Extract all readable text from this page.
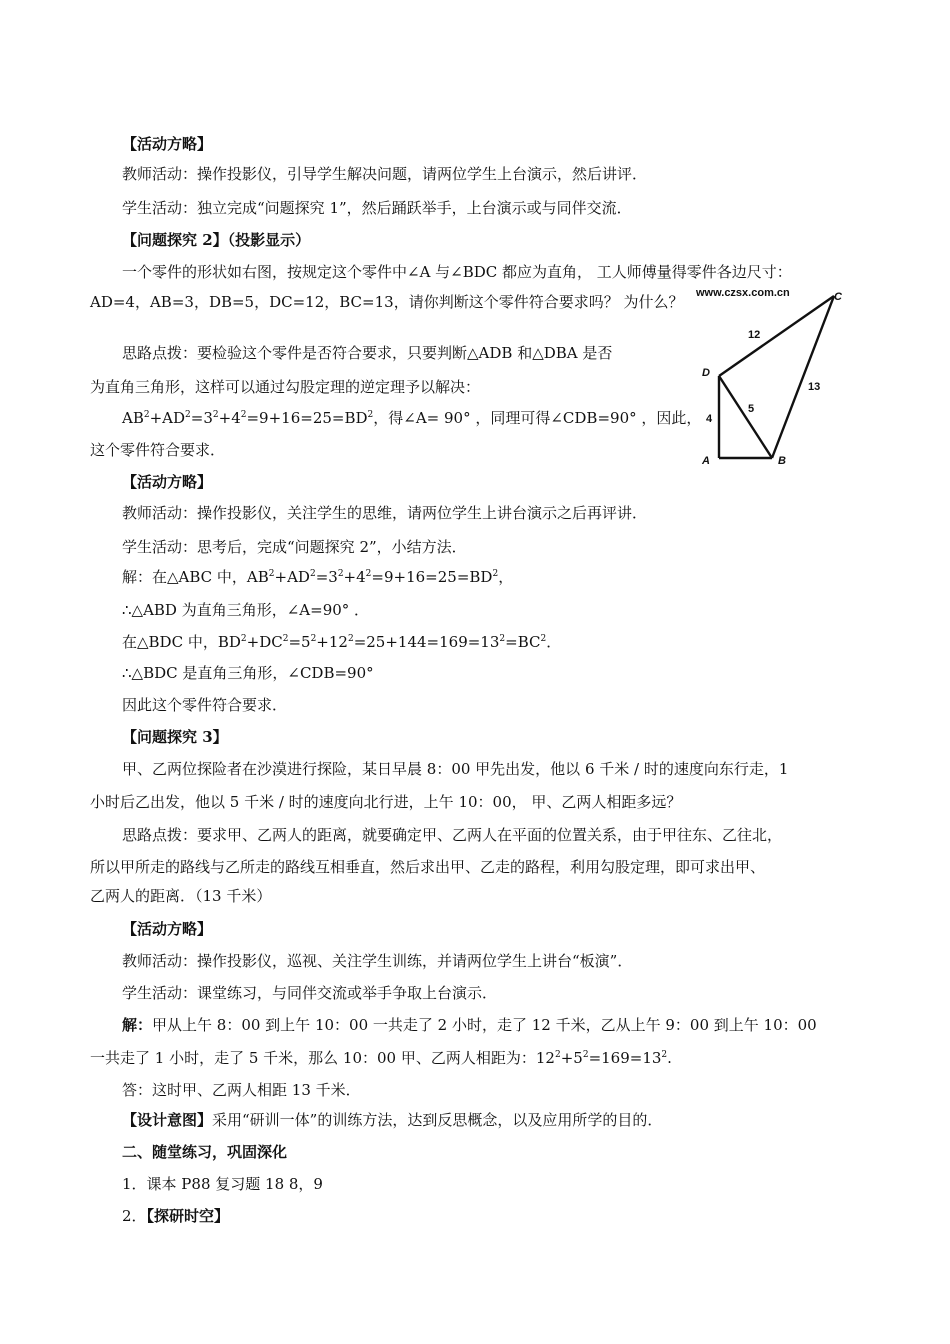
【活动方略】
教师活动：操作投影仪，引导学生解决问题，请两位学生上台演示，然后讲评．
学生活动：独立完成“问题探究 1”，然后踊跃举手，上台演示或与同伴交流．
【问题探究 2】（投影显示）
一个零件的形状如右图，按规定这个零件中∠A 与∠BDC 都应为直角， 工人师傅量得零件各边尺寸：
AD=4，AB=3，DB=5，DC=12，BC=13，请你判断这个零件符合要求吗？ 为什么？
思路点拨：要检验这个零件是否符合要求，只要判断△ADB 和△DBA 是否
为直角三角形，这样可以通过勾股定理的逆定理予以解决：
$AB^2+AD^2=3^2+4^2=9+16=25=BD^2$，得∠A= 90° ，同理可得∠CDB=90° ，因此，
这个零件符合要求．
www.czsx.com.cn	C
D
A	B
12
13
5
4
【活动方略】
教师活动：操作投影仪，关注学生的思维，请两位学生上讲台演示之后再评讲．
学生活动：思考后，完成“问题探究 2”，小结方法．
解：在△ABC 中，$AB^2+AD^2=3^2+4^2=9+16=25=BD^2$，
∴△ABD 为直角三角形，∠A=90° ．
在△BDC 中，$BD^2+DC^2=5^2+12^2=25+144=169=13^2=BC^2$．
∴△BDC 是直角三角形，∠CDB=90°
因此这个零件符合要求．
【问题探究 3】
甲、乙两位探险者在沙漠进行探险，某日早晨 8：00 甲先出发，他以 6 千米 / 时的速度向东行走，1
小时后乙出发，他以 5 千米 / 时的速度向北行进，上午 10：00， 甲、乙两人相距多远？
思路点拨：要求甲、乙两人的距离，就要确定甲、乙两人在平面的位置关系，由于甲往东、乙往北，
所以甲所走的路线与乙所走的路线互相垂直，然后求出甲、乙走的路程，利用勾股定理，即可求出甲、
乙两人的距离．（13 千米）
【活动方略】
教师活动：操作投影仪，巡视、关注学生训练，并请两位学生上讲台“板演”．
学生活动：课堂练习，与同伴交流或举手争取上台演示．
解：甲从上午 8：00 到上午 10：00 一共走了 2 小时，走了 12 千米，乙从上午 9：00 到上午 10：00
一共走了 1 小时，走了 5 千米，那么 10：00 甲、乙两人相距为：$12^2+5^2=169=13^2$.
答：这时甲、乙两人相距 13 千米．
【设计意图】采用“研训一体”的训练方法，达到反思概念，以及应用所学的目的．
二、随堂练习，巩固深化
1．课本 P88 复习题 18 8，9
2．【探研时空】
